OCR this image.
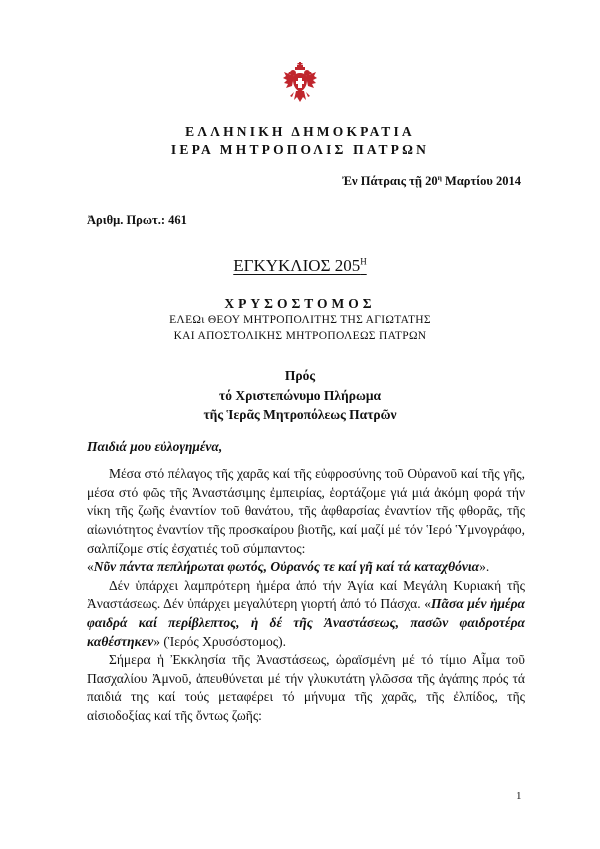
ΕΛΛΗΝΙΚΗ ΔΗΜΟΚΡΑΤΙΑ
ΙΕΡΑ ΜΗΤΡΟΠΟΛΙΣ ΠΑΤΡΩΝ
Ἐν Πάτραις τῇ $20^\eta$ Μαρτίου 2014
Ἀριθμ. Πρωτ.: 461
ΕΓΚΥΚΛΙΟΣ $205^H$
ΧΡΥΣΟΣΤΟΜΟΣ
ΕΛΕΩι ΘΕΟΥ ΜΗΤΡΟΠΟΛΙΤΗΣ ΤΗΣ ΑΓΙΩΤΑΤΗΣ
ΚΑΙ ΑΠΟΣΤΟΛΙΚΗΣ ΜΗΤΡΟΠΟΛΕΩΣ ΠΑΤΡΩΝ
Πρός
τό Χριστεπώνυμο Πλήρωμα
τῆς Ἱερᾶς Μητροπόλεως Πατρῶν

Παιδιά μου εὐλογημένα,

Μέσα στό πέλαγος τῆς χαρᾶς καί τῆς εὐφροσύνης τοῦ Οὐρανοῦ καί τῆς γῆς, μέσα στό φῶς τῆς Ἀναστάσιμης ἐμπειρίας, ἑορτάζομε γιά μιά ἀκόμη φορά τήν νίκη τῆς ζωῆς ἐναντίον τοῦ θανάτου, τῆς ἀφθαρσίας ἐναντίον τῆς φθορᾶς, τῆς αἰωνιότητος ἐναντίον τῆς προσκαίρου βιοτῆς, καί μαζί μέ τόν Ἱερό Ὑμνογράφο, σαλπίζομε στίς ἐσχατιές τοῦ σύμπαντος:

«Νῦν πάντα πεπλήρωται φωτός, Οὐρανός τε καί γῆ καί τά καταχθόνια».

Δέν ὑπάρχει λαμπρότερη ἡμέρα ἀπό τήν Ἁγία καί Μεγάλη Κυριακή τῆς Ἀναστάσεως. Δέν ὑπάρχει μεγαλύτερη γιορτή ἀπό τό Πάσχα. «Πᾶσα μέν ἡμέρα φαιδρά καί περίβλεπτος, ἡ δέ τῆς Ἀναστάσεως, πασῶν φαιδροτέρα καθέστηκεν» (Ἱερός Χρυσόστομος).

Σήμερα ἡ Ἐκκλησία τῆς Ἀναστάσεως, ὡραϊσμένη μέ τό τίμιο Αἷμα τοῦ Πασχαλίου Ἀμνοῦ, ἀπευθύνεται μέ τήν γλυκυτάτη γλῶσσα τῆς ἀγάπης πρός τά παιδιά της καί τούς μεταφέρει τό μήνυμα τῆς χαρᾶς, τῆς ἐλπίδος, τῆς αἰσιοδοξίας καί τῆς ὄντως ζωῆς:

1
